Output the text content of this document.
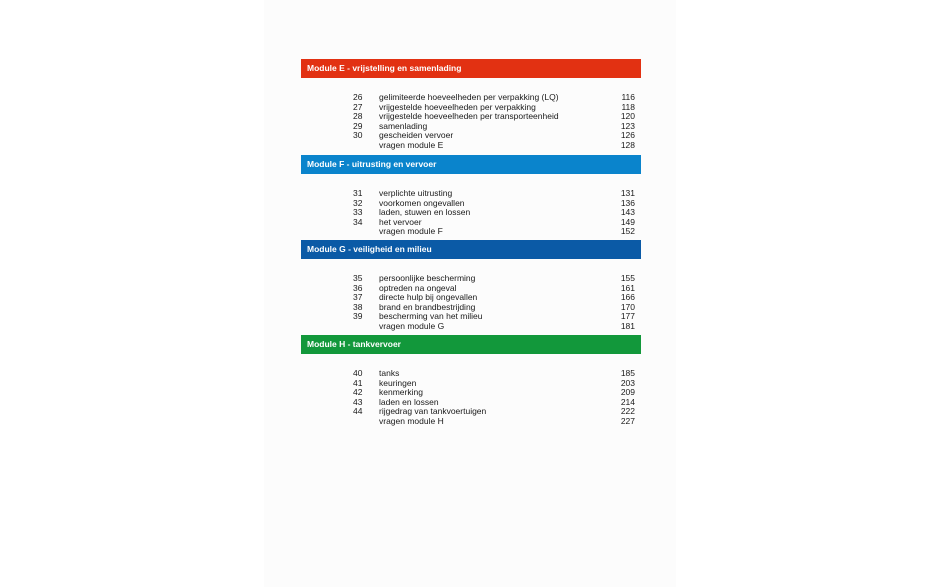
Module E - vrijstelling en samenlading
26	gelimiteerde hoeveelheden per verpakking (LQ)	116
27	vrijgestelde hoeveelheden per verpakking	118
28	vrijgestelde hoeveelheden per transporteenheid	120
29	samenlading	123
30	gescheiden vervoer	126
vragen module E	128
Module F - uitrusting en vervoer
31	verplichte uitrusting	131
32	voorkomen ongevallen	136
33	laden, stuwen en lossen	143
34	het vervoer	149
vragen module F	152
Module G - veiligheid en milieu
35	persoonlijke bescherming	155
36	optreden na ongeval	161
37	directe hulp bij ongevallen	166
38	brand en brandbestrijding	170
39	bescherming van het milieu	177
vragen module G	181
Module H - tankvervoer
40	tanks	185
41	keuringen	203
42	kenmerking	209
43	laden en lossen	214
44	rijgedrag van tankvoertuigen	222
vragen module H	227
